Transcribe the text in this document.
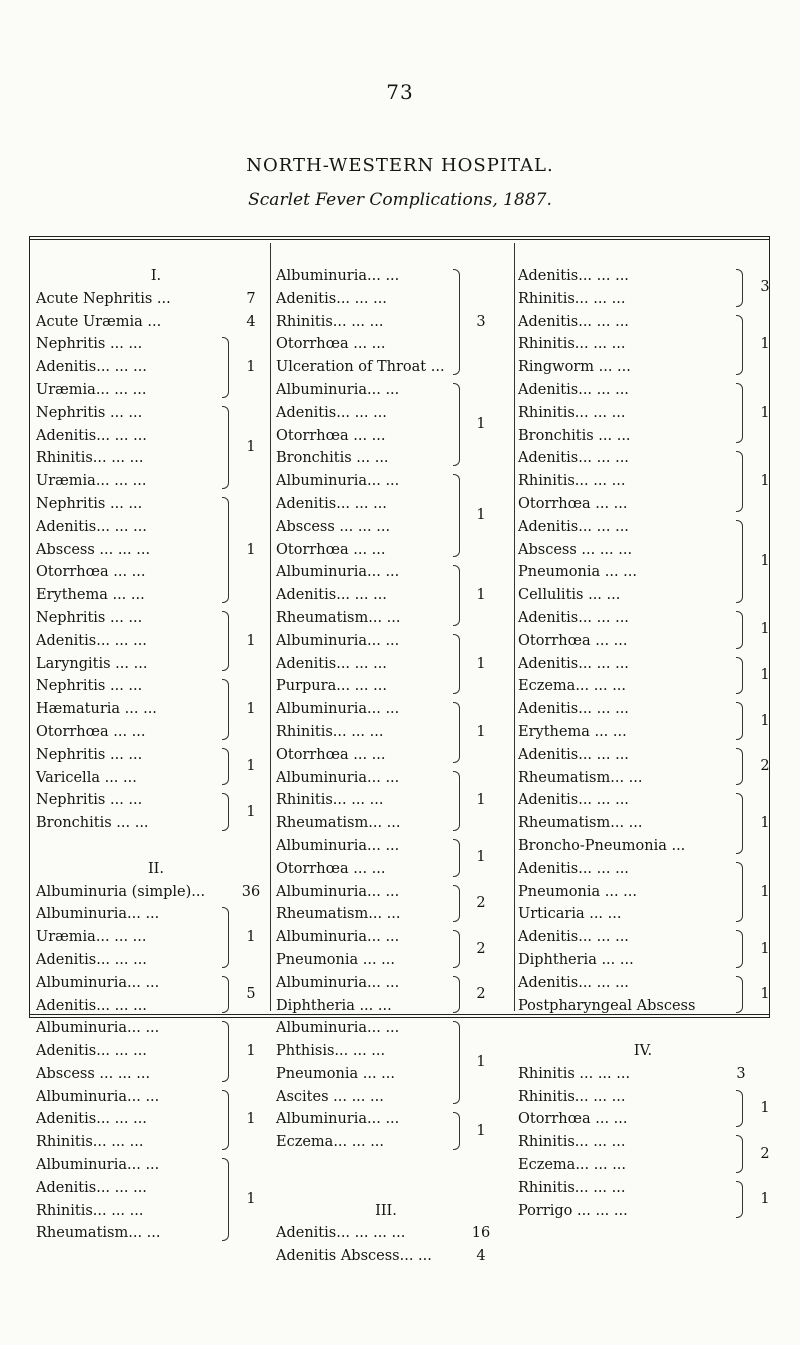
73
NORTH-WESTERN HOSPITAL.
Scarlet Fever Complications, 1887.
I.
Acute Nephritis ...	7
Acute Uræmia ...	4
Nephritis ... ...
Adenitis... ... ...
Uræmia... ... ...
1
Nephritis ... ...
Adenitis... ... ...
Rhinitis... ... ...
Uræmia... ... ...
1
Nephritis ... ...
Adenitis... ... ...
Abscess ... ... ...
Otorrhœa ... ...
Erythema ... ...
1
Nephritis ... ...
Adenitis... ... ...
Laryngitis ... ...
1
Nephritis ... ...
Hæmaturia ... ...
Otorrhœa ... ...
1
Nephritis ... ...
Varicella ... ...
1
Nephritis ... ...
Bronchitis ... ...
1
II.
Albuminuria (simple)...	36
Albuminuria... ...
Uræmia... ... ...
Adenitis... ... ...
1
Albuminuria... ...
Adenitis... ... ...
5
Albuminuria... ...
Adenitis... ... ...
Abscess ... ... ...
1
Albuminuria... ...
Adenitis... ... ...
Rhinitis... ... ...
1
Albuminuria... ...
Adenitis... ... ...
Rhinitis... ... ...
Rheumatism... ...
1
Albuminuria... ...
Adenitis... ... ...
Rhinitis... ... ...
Otorrhœa ... ...
Ulceration of Throat ...
3
Albuminuria... ...
Adenitis... ... ...
Otorrhœa ... ...
Bronchitis ... ...
1
Albuminuria... ...
Adenitis... ... ...
Abscess ... ... ...
Otorrhœa ... ...
1
Albuminuria... ...
Adenitis... ... ...
Rheumatism... ...
1
Albuminuria... ...
Adenitis... ... ...
Purpura... ... ...
1
Albuminuria... ...
Rhinitis... ... ...
Otorrhœa ... ...
1
Albuminuria... ...
Rhinitis... ... ...
Rheumatism... ...
1
Albuminuria... ...
Otorrhœa ... ...
1
Albuminuria... ...
Rheumatism... ...
2
Albuminuria... ...
Pneumonia ... ...
2
Albuminuria... ...
Diphtheria ... ...
2
Albuminuria... ...
Phthisis... ... ...
Pneumonia ... ...
Ascites ... ... ...
1
Albuminuria... ...
Eczema... ... ...
1
III.
Adenitis... ... ... ...	16
Adenitis Abscess... ...	4
Adenitis... ... ...
Rhinitis... ... ...
3
Adenitis... ... ...
Rhinitis... ... ...
Ringworm ... ...
1
Adenitis... ... ...
Rhinitis... ... ...
Bronchitis ... ...
1
Adenitis... ... ...
Rhinitis... ... ...
Otorrhœa ... ...
1
Adenitis... ... ...
Abscess ... ... ...
Pneumonia ... ...
Cellulitis ... ...
1
Adenitis... ... ...
Otorrhœa ... ...
1
Adenitis... ... ...
Eczema... ... ...
1
Adenitis... ... ...
Erythema ... ...
1
Adenitis... ... ...
Rheumatism... ...
2
Adenitis... ... ...
Rheumatism... ...
Broncho-Pneumonia ...
1
Adenitis... ... ...
Pneumonia ... ...
Urticaria ... ...
1
Adenitis... ... ...
Diphtheria ... ...
1
Adenitis... ... ...
Postpharyngeal Abscess
1
IV.
Rhinitis ... ... ...	3
Rhinitis... ... ...
Otorrhœa ... ...
1
Rhinitis... ... ...
Eczema... ... ...
2
Rhinitis... ... ...
Porrigo ... ... ...
1
